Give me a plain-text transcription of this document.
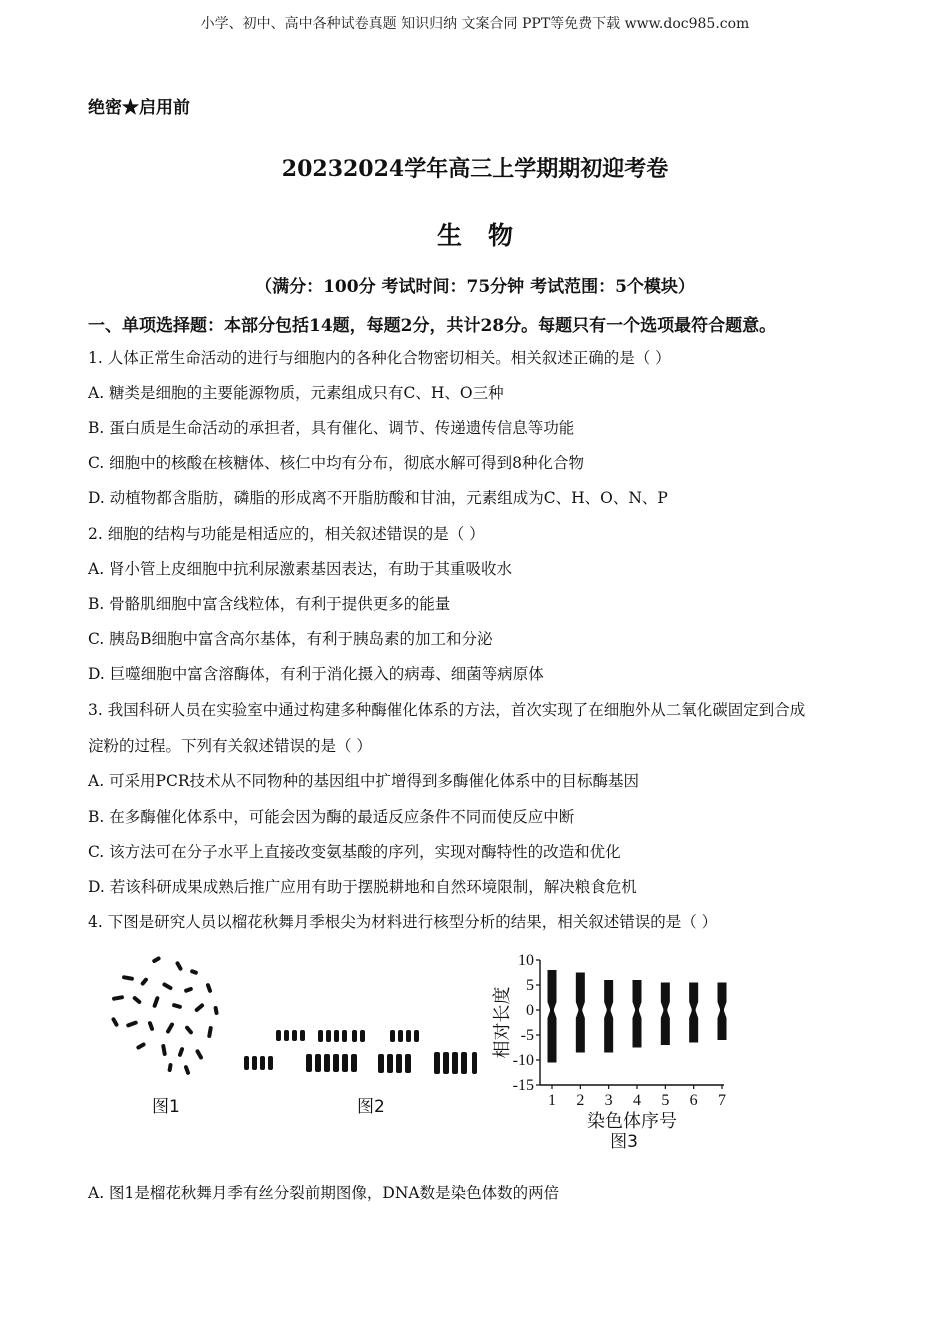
小学、初中、高中各种试卷真题 知识归纳 文案合同 PPT等免费下载 www.doc985.com
绝密★启用前
20232024学年高三上学期期初迎考卷
生物
（满分：100分 考试时间：75分钟 考试范围：5个模块）
一、单项选择题：本部分包括14题，每题2分，共计28分。每题只有一个选项最符合题意。
1. 人体正常生命活动的进行与细胞内的各种化合物密切相关。相关叙述正确的是（ ）
A. 糖类是细胞的主要能源物质，元素组成只有C、H、O三种
B. 蛋白质是生命活动的承担者，具有催化、调节、传递遗传信息等功能
C. 细胞中的核酸在核糖体、核仁中均有分布，彻底水解可得到8种化合物
D. 动植物都含脂肪，磷脂的形成离不开脂肪酸和甘油，元素组成为C、H、O、N、P
2. 细胞的结构与功能是相适应的，相关叙述错误的是（ ）
A. 肾小管上皮细胞中抗利尿激素基因表达，有助于其重吸收水
B. 骨骼肌细胞中富含线粒体，有利于提供更多的能量
C. 胰岛B细胞中富含高尔基体，有利于胰岛素的加工和分泌
D. 巨噬细胞中富含溶酶体，有利于消化摄入的病毒、细菌等病原体
3. 我国科研人员在实验室中通过构建多种酶催化体系的方法，首次实现了在细胞外从二氧化碳固定到合成
淀粉的过程。下列有关叙述错误的是（ ）
A. 可采用PCR技术从不同物种的基因组中扩增得到多酶催化体系中的目标酶基因
B. 在多酶催化体系中，可能会因为酶的最适反应条件不同而使反应中断
C. 该方法可在分子水平上直接改变氨基酸的序列，实现对酶特性的改造和优化
D. 若该科研成果成熟后推广应用有助于摆脱耕地和自然环境限制，解决粮食危机
4. 下图是研究人员以榴花秋舞月季根尖为材料进行核型分析的结果，相关叙述错误的是（ ）
图1	图2
10
5
0
-5
-10
-15
1 2 3 4 5 6 7
相对长度
染色体序号
图3
A. 图1是榴花秋舞月季有丝分裂前期图像，DNA数是染色体数的两倍
